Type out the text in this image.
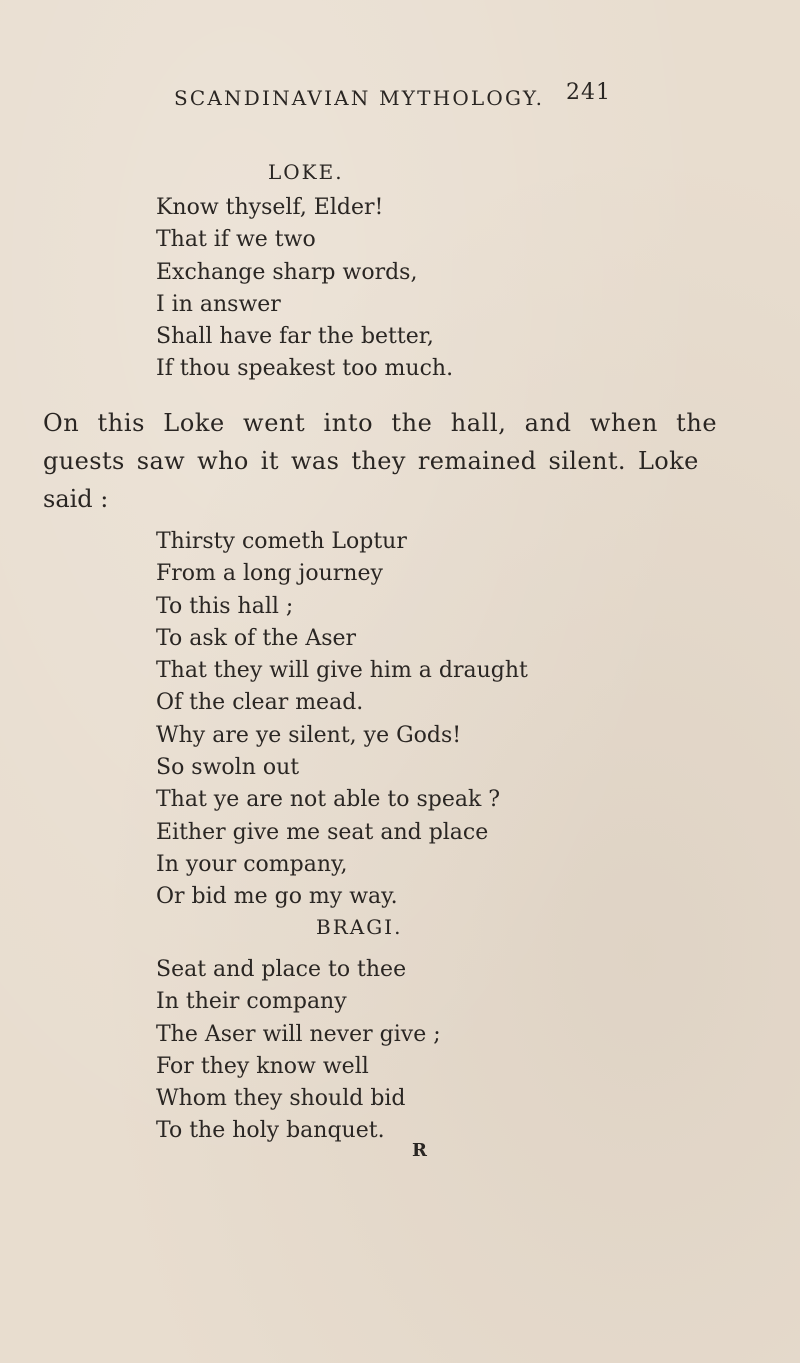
SCANDINAVIAN MYTHOLOGY. 241
LOKE.
Know thyself, Elder!
That if we two
Exchange sharp words,
I in answer
Shall have far the better,
If thou speakest too much.
On this Loke went into the hall, and when the
guests saw who it was they remained silent. Loke
said :
Thirsty cometh Loptur
From a long journey
To this hall ;
To ask of the Aser
That they will give him a draught
Of the clear mead.
Why are ye silent, ye Gods!
So swoln out
That ye are not able to speak ?
Either give me seat and place
In your company,
Or bid me go my way.
BRAGI.
Seat and place to thee
In their company
The Aser will never give ;
For they know well
Whom they should bid
To the holy banquet.
R
